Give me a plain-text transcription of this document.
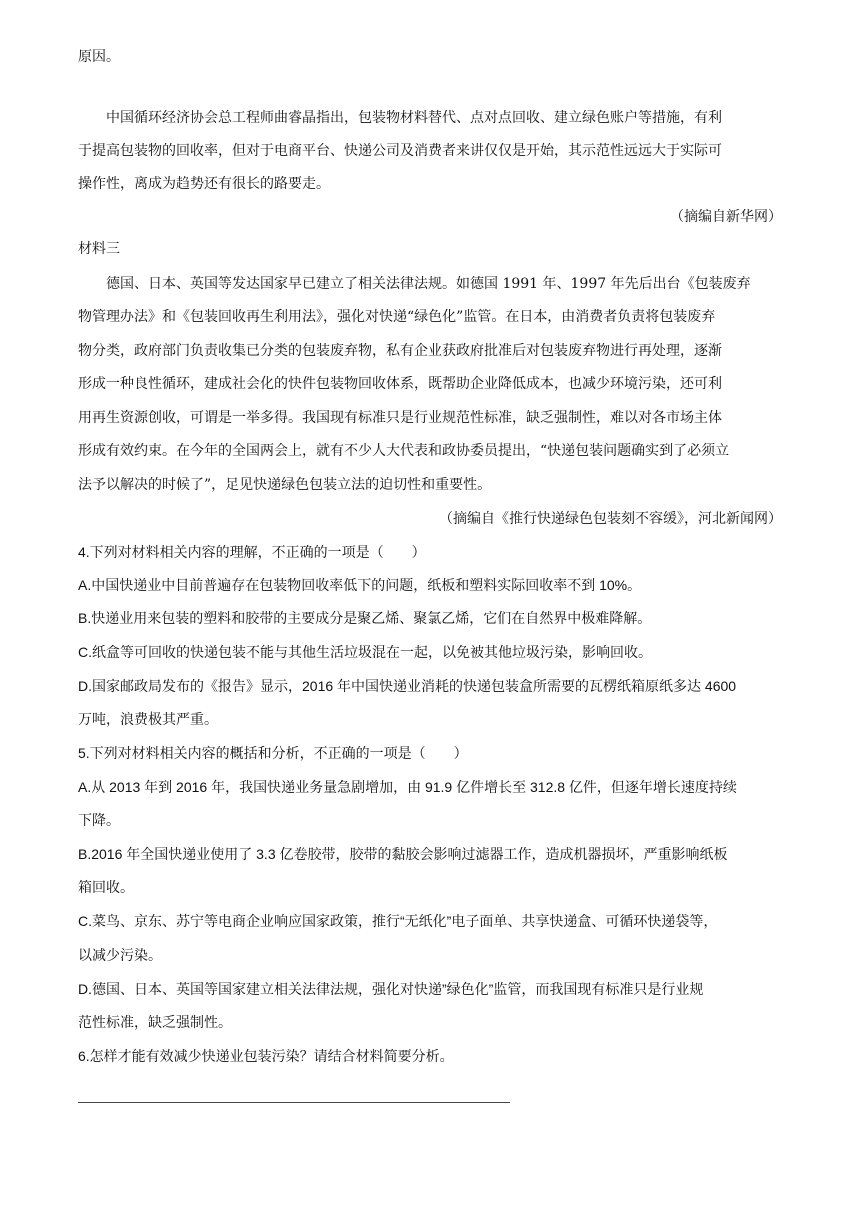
原因。
中国循环经济协会总工程师曲睿晶指出，包装物材料替代、点对点回收、建立绿色账户等措施，有利
于提高包装物的回收率，但对于电商平台、快递公司及消费者来讲仅仅是开始，其示范性远远大于实际可
操作性，离成为趋势还有很长的路要走。
（摘编自新华网）
材料三
德国、日本、英国等发达国家早已建立了相关法律法规。如德国 1991 年、1997 年先后出台《包装废弃
物管理办法》和《包装回收再生利用法》，强化对快递“绿色化”监管。在日本，由消费者负责将包装废弃
物分类，政府部门负责收集已分类的包装废弃物，私有企业获政府批准后对包装废弃物进行再处理，逐渐
形成一种良性循环，建成社会化的快件包装物回收体系，既帮助企业降低成本，也减少环境污染，还可利
用再生资源创收，可谓是一举多得。我国现有标准只是行业规范性标准，缺乏强制性，难以对各市场主体
形成有效约束。在今年的全国两会上，就有不少人大代表和政协委员提出，“快递包装问题确实到了必须立
法予以解决的时候了”，足见快递绿色包装立法的迫切性和重要性。
（摘编自《推行快递绿色包装刻不容缓》，河北新闻网）
4.下列对材料相关内容的理解，不正确的一项是（　　）
A.中国快递业中目前普遍存在包装物回收率低下的问题，纸板和塑料实际回收率不到 10%。
B.快递业用来包装的塑料和胶带的主要成分是聚乙烯、聚氯乙烯，它们在自然界中极难降解。
C.纸盒等可回收的快递包装不能与其他生活垃圾混在一起，以免被其他垃圾污染，影响回收。
D.国家邮政局发布的《报告》显示，2016 年中国快递业消耗的快递包装盒所需要的瓦楞纸箱原纸多达 4600
万吨，浪费极其严重。
5.下列对材料相关内容的概括和分析，不正确的一项是（　　）
A.从 2013 年到 2016 年，我国快递业务量急剧增加，由 91.9 亿件增长至 312.8 亿件，但逐年增长速度持续
下降。
B.2016 年全国快递业使用了 3.3 亿卷胶带，胶带的黏胶会影响过滤器工作，造成机器损坏，严重影响纸板
箱回收。
C.菜鸟、京东、苏宁等电商企业响应国家政策，推行“无纸化”电子面单、共享快递盒、可循环快递袋等，
以减少污染。
D.德国、日本、英国等国家建立相关法律法规，强化对快递”绿色化”监管，而我国现有标准只是行业规
范性标准，缺乏强制性。
6.怎样才能有效减少快递业包装污染？请结合材料简要分析。
